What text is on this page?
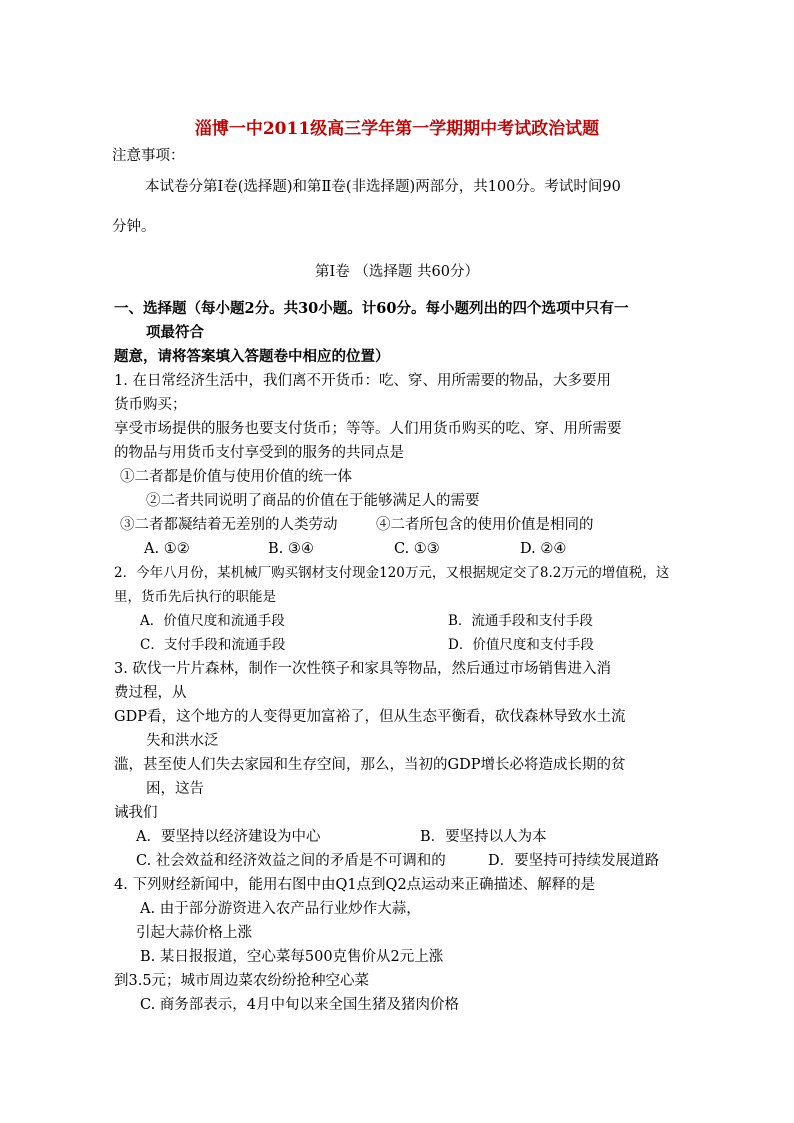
淄博一中2011级高三学年第一学期期中考试政治试题
注意事项：
本试卷分第Ⅰ卷(选择题)和第Ⅱ卷(非选择题)两部分，共100分。考试时间90
分钟。
第Ⅰ卷 （选择题 共60分）
一、选择题（每小题2分。共30小题。计60分。每小题列出的四个选项中只有一
项最符合
题意，请将答案填入答题卷中相应的位置）
1. 在日常经济生活中，我们离不开货币：吃、穿、用所需要的物品，大多要用
货币购买；
享受市场提供的服务也要支付货币；等等。人们用货币购买的吃、穿、用所需要
的物品与用货币支付享受到的服务的共同点是
①二者都是价值与使用价值的统一体
②二者共同说明了商品的价值在于能够满足人的需要
③二者都凝结着无差别的人类劳动	④二者所包含的使用价值是相同的
A. ①②	B. ③④	C. ①③	D. ②④
2．今年八月份，某机械厂购买钢材支付现金120万元，又根据规定交了8.2万元的增值税，这
里，货币先后执行的职能是
A．价值尺度和流通手段	B．流通手段和支付手段
C．支付手段和流通手段	D．价值尺度和支付手段
3. 砍伐一片片森林，制作一次性筷子和家具等物品，然后通过市场销售进入消
费过程，从
GDP看，这个地方的人变得更加富裕了，但从生态平衡看，砍伐森林导致水土流
失和洪水泛
滥，甚至使人们失去家园和生存空间，那么，当初的GDP增长必将造成长期的贫
困，这告
诫我们
A．要坚持以经济建设为中心	B．要坚持以人为本
C. 社会效益和经济效益之间的矛盾是不可调和的	D．要坚持可持续发展道路
4. 下列财经新闻中，能用右图中由Q1点到Q2点运动来正确描述、解释的是
A. 由于部分游资进入农产品行业炒作大蒜，
引起大蒜价格上涨
B. 某日报报道，空心菜每500克售价从2元上涨
到3.5元；城市周边菜农纷纷抢种空心菜
C. 商务部表示，4月中旬以来全国生猪及猪肉价格
